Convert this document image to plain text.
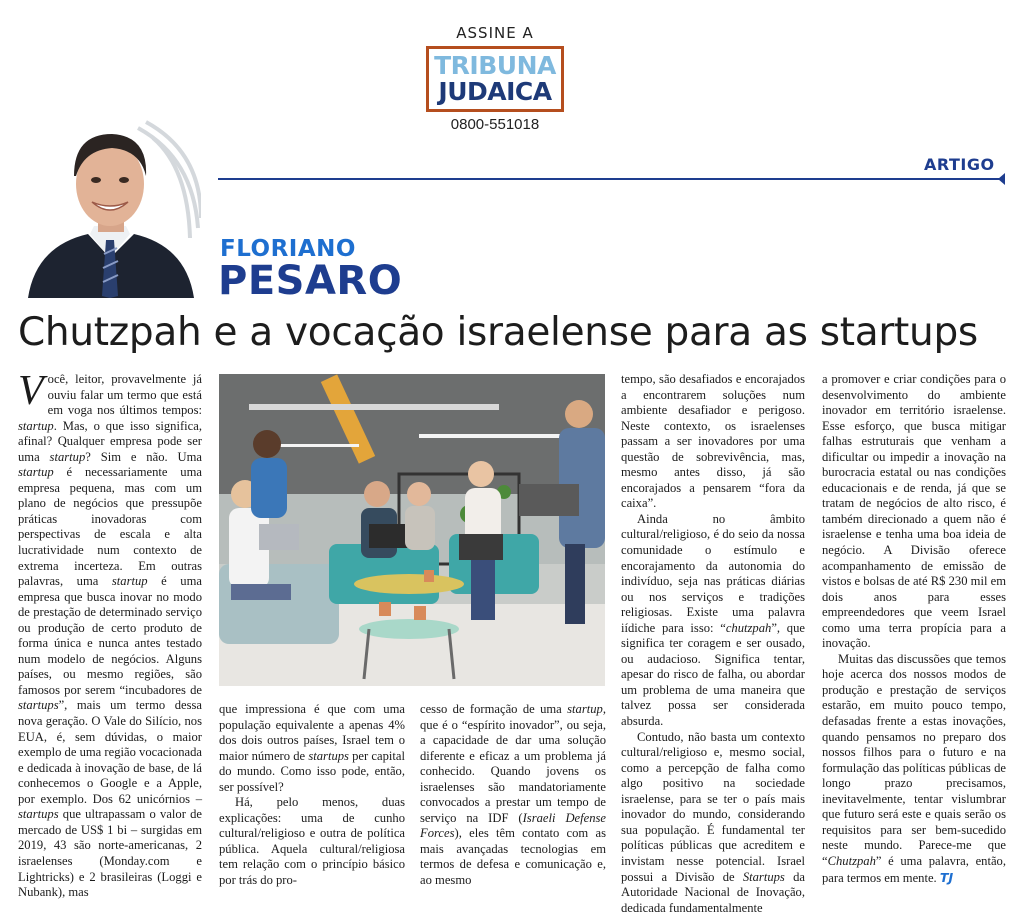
ASSINE A
TRIBUNA
JUDAICA
0800-551018
ARTIGO
FLORIANO
PESARO
Chutzpah e a vocação israelense para as startups

Você, leitor, provavelmente já ouviu falar um termo que está em voga nos últimos tempos: startup. Mas, o que isso significa, afinal? Qualquer empresa pode ser uma startup? Sim e não. Uma startup é necessariamente uma empresa pequena, mas com um plano de negócios que pressupõe práticas inovadoras com perspectivas de escala e alta lucratividade num contexto de extrema incerteza. Em outras palavras, uma startup é uma empresa que busca inovar no modo de prestação de determinado serviço ou produção de certo produto de forma única e nunca antes testado num modelo de negócios. Alguns países, ou mesmo regiões, são famosos por serem “incubadores de startups”, mais um termo dessa nova geração. O Vale do Silício, nos EUA, é, sem dúvidas, o maior exemplo de uma região vocacionada e dedicada à inovação de base, de lá conhecemos o Google e a Apple, por exemplo. Dos 62 unicórnios – startups que ultrapassam o valor de mercado de US$ 1 bi – surgidas em 2019, 43 são norte-americanas, 2 israelenses (Monday.com e Lightricks) e 2 brasileiras (Loggi e Nubank), mas

que impressiona é que com uma população equivalente a apenas 4% dos dois outros países, Israel tem o maior número de startups per capital do mundo. Como isso pode, então, ser possível?

Há, pelo menos, duas explicações: uma de cunho cultural/religioso e outra de política pública. Aquela cultural/religiosa tem relação com o princípio básico por trás do pro-

cesso de formação de uma startup, que é o “espírito inovador”, ou seja, a capacidade de dar uma solução diferente e eficaz a um problema já conhecido. Quando jovens os israelenses são mandatoriamente convocados a prestar um tempo de serviço na IDF (Israeli Defense Forces), eles têm contato com as mais avançadas tecnologias em termos de defesa e comunicação e, ao mesmo

tempo, são desafiados e encorajados a encontrarem soluções num ambiente desafiador e perigoso. Neste contexto, os israelenses passam a ser inovadores por uma questão de sobrevivência, mas, mesmo antes disso, já são encorajados a pensarem “fora da caixa”.

Ainda no âmbito cultural/religioso, é do seio da nossa comunidade o estímulo e encorajamento da autonomia do indivíduo, seja nas práticas diárias ou nos serviços e tradições religiosas. Existe uma palavra iídiche para isso: “chutzpah”, que significa ter coragem e ser ousado, ou audacioso. Significa tentar, apesar do risco de falha, ou abordar um problema de uma maneira que talvez possa ser considerada absurda.

Contudo, não basta um contexto cultural/religioso e, mesmo social, como a percepção de falha como algo positivo na sociedade israelense, para se ter o país mais inovador do mundo, considerando sua população. É fundamental ter políticas públicas que acreditem e invistam nesse potencial. Israel possui a Divisão de Startups da Autoridade Nacional de Inovação, dedicada fundamentalmente

a promover e criar condições para o desenvolvimento do ambiente inovador em território israelense. Esse esforço, que busca mitigar falhas estruturais que venham a dificultar ou impedir a inovação na burocracia estatal ou nas condições educacionais e de renda, já que se tratam de negócios de alto risco, é também direcionado a quem não é israelense e tenha uma boa ideia de negócio. A Divisão oferece acompanhamento de emissão de vistos e bolsas de até R$ 230 mil em dois anos para esses empreendedores que veem Israel como uma terra propícia para a inovação.

Muitas das discussões que temos hoje acerca dos nossos modos de produção e prestação de serviços estarão, em muito pouco tempo, defasadas frente a estas inovações, quando pensamos no preparo dos nossos filhos para o futuro e na formulação das políticas públicas de longo prazo precisamos, inevitavelmente, tentar vislumbrar que futuro será este e quais serão os requisitos para ser bem-sucedido neste mundo. Parece-me que “Chutzpah” é uma palavra, então, para termos em mente. TJ
